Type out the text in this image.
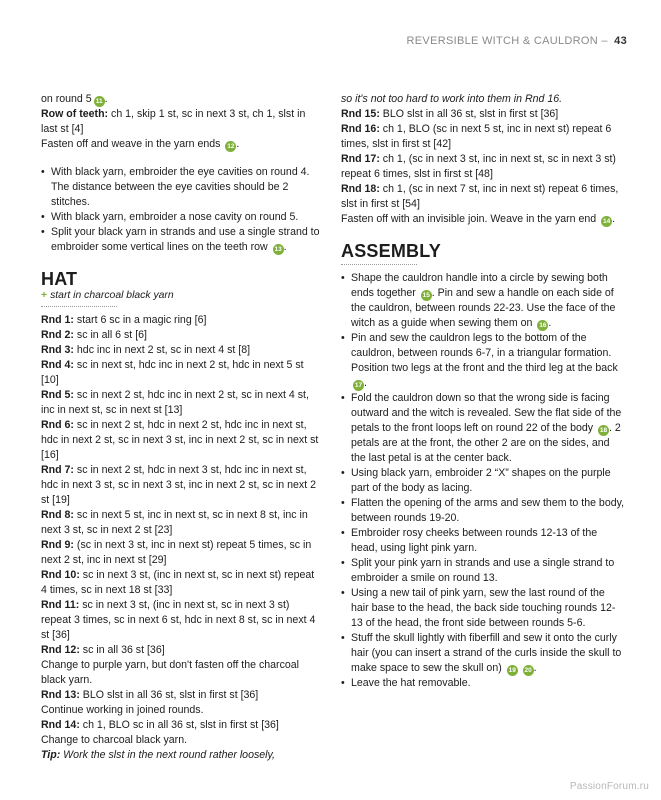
REVERSIBLE WITCH & CAULDRON – 43

on round 5 11 .

Row of teeth: ch 1, skip 1 st, sc in next 3 st, ch 1, slst in last st [4]

Fasten off and weave in the yarn ends 12 .

• With black yarn, embroider the eye cavities on round 4. The distance between the eye cavities should be 2 stitches.
• With black yarn, embroider a nose cavity on round 5.
• Split your black yarn in strands and use a single strand to embroider some vertical lines on the teeth row 13 .
HAT
+ start in charcoal black yarn

Rnd 1: start 6 sc in a magic ring [6]

Rnd 2: sc in all 6 st [6]

Rnd 3: hdc inc in next 2 st, sc in next 4 st [8]

Rnd 4: sc in next st, hdc inc in next 2 st, hdc in next 5 st [10]

Rnd 5: sc in next 2 st, hdc inc in next 2 st, sc in next 4 st, inc in next st, sc in next st [13]

Rnd 6: sc in next 2 st, hdc in next 2 st, hdc inc in next st, hdc in next 2 st, sc in next 3 st, inc in next 2 st, sc in next st [16]

Rnd 7: sc in next 2 st, hdc in next 3 st, hdc inc in next st, hdc in next 3 st, sc in next 3 st, inc in next 2 st, sc in next 2 st [19]

Rnd 8: sc in next 5 st, inc in next st, sc in next 8 st, inc in next 3 st, sc in next 2 st [23]

Rnd 9: (sc in next 3 st, inc in next st) repeat 5 times, sc in next 2 st, inc in next st [29]

Rnd 10: sc in next 3 st, (inc in next st, sc in next st) repeat 4 times, sc in next 18 st [33]

Rnd 11: sc in next 3 st, (inc in next st, sc in next 3 st) repeat 3 times, sc in next 6 st, hdc in next 8 st, sc in next 4 st [36]

Rnd 12: sc in all 36 st [36]

Change to purple yarn, but don't fasten off the charcoal black yarn.

Rnd 13: BLO slst in all 36 st, slst in first st [36]

Continue working in joined rounds.

Rnd 14: ch 1, BLO sc in all 36 st, slst in first st [36]

Change to charcoal black yarn.

Tip: Work the slst in the next round rather loosely,

so it's not too hard to work into them in Rnd 16.

Rnd 15: BLO slst in all 36 st, slst in first st [36]

Rnd 16: ch 1, BLO (sc in next 5 st, inc in next st) repeat 6 times, slst in first st [42]

Rnd 17: ch 1, (sc in next 3 st, inc in next st, sc in next 3 st) repeat 6 times, slst in first st [48]

Rnd 18: ch 1, (sc in next 7 st, inc in next st) repeat 6 times, slst in first st [54]

Fasten off with an invisible join. Weave in the yarn end 14 .

ASSEMBLY
• Shape the cauldron handle into a circle by sewing both ends together 15 . Pin and sew a handle on each side of the cauldron, between rounds 22-23. Use the face of the witch as a guide when sewing them on 16 .
• Pin and sew the cauldron legs to the bottom of the cauldron, between rounds 6-7, in a triangular formation. Position two legs at the front and the third leg at the back 17 .
• Fold the cauldron down so that the wrong side is facing outward and the witch is revealed. Sew the flat side of the petals to the front loops left on round 22 of the body 18 . 2 petals are at the front, the other 2 are on the sides, and the last petal is at the center back.
• Using black yarn, embroider 2 “X” shapes on the purple part of the body as lacing.
• Flatten the opening of the arms and sew them to the body, between rounds 19-20.
• Embroider rosy cheeks between rounds 12-13 of the head, using light pink yarn.
• Split your pink yarn in strands and use a single strand to embroider a smile on round 13.
• Using a new tail of pink yarn, sew the last round of the hair base to the head, the back side touching rounds 12-13 of the head, the front side between rounds 5-6.
• Stuff the skull lightly with fiberfill and sew it onto the curly hair (you can insert a strand of the curls inside the skull to make space to sew the skull on) 19 20 .
• Leave the hat removable.
PassionForum.ru
